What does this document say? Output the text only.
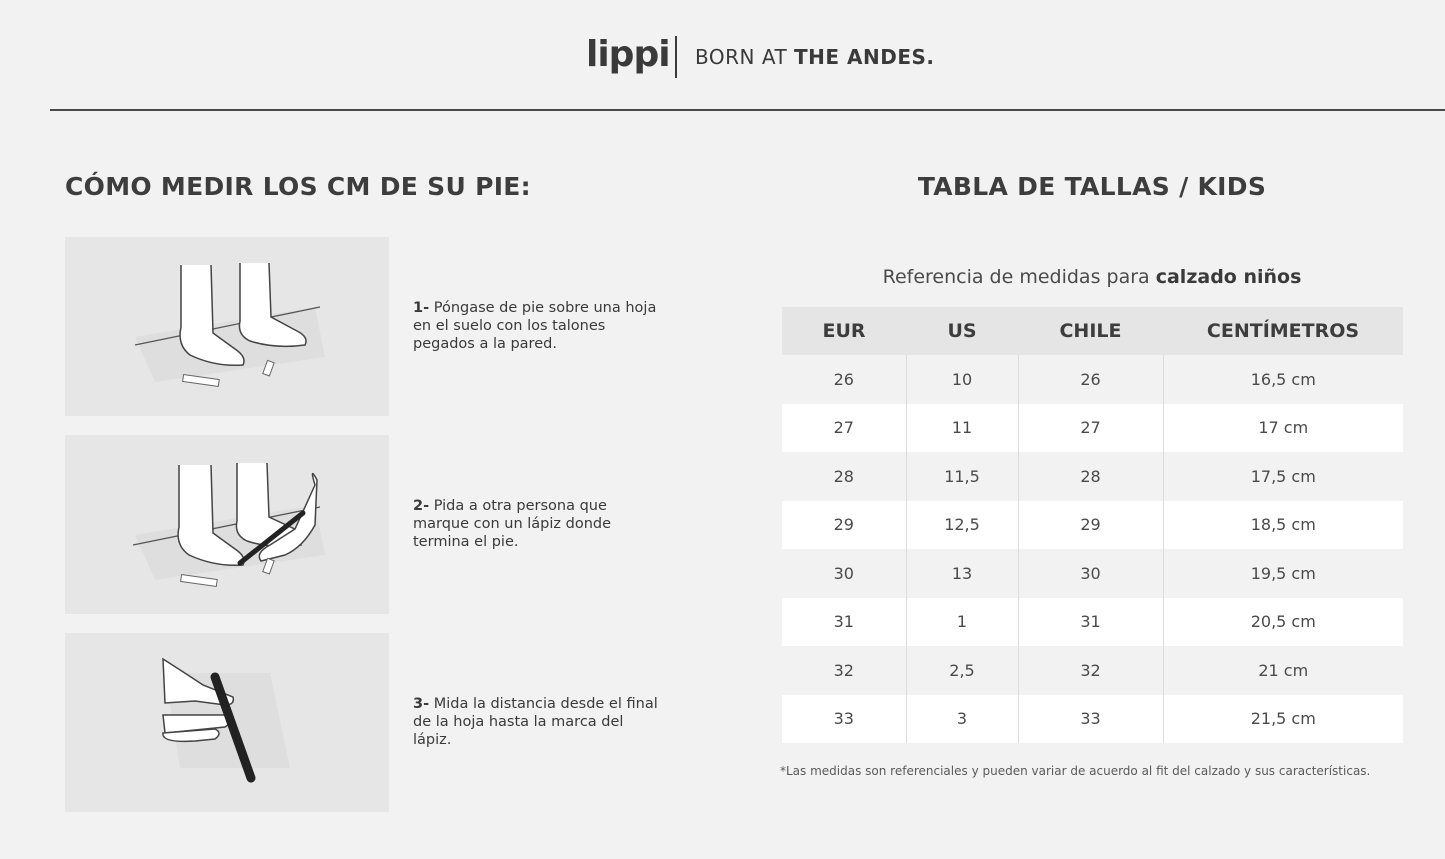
lippi BORN AT THE ANDES.
CÓMO MEDIR LOS CM DE SU PIE:
1- Póngase de pie sobre una hoja en el suelo con los talones pegados a la pared.
2- Pida a otra persona que marque con un lápiz donde termina el pie.
3- Mida la distancia desde el final de la hoja hasta la marca del lápiz.
TABLA DE TALLAS / KIDS
Referencia de medidas para calzado niños
EUR	US	CHILE	CENTÍMETROS
26	10	26	16,5 cm
27	11	27	17 cm
28	11,5	28	17,5 cm
29	12,5	29	18,5 cm
30	13	30	19,5 cm
31	1	31	20,5 cm
32	2,5	32	21 cm
33	3	33	21,5 cm
*Las medidas son referenciales y pueden variar de acuerdo al fit del calzado y sus características.
